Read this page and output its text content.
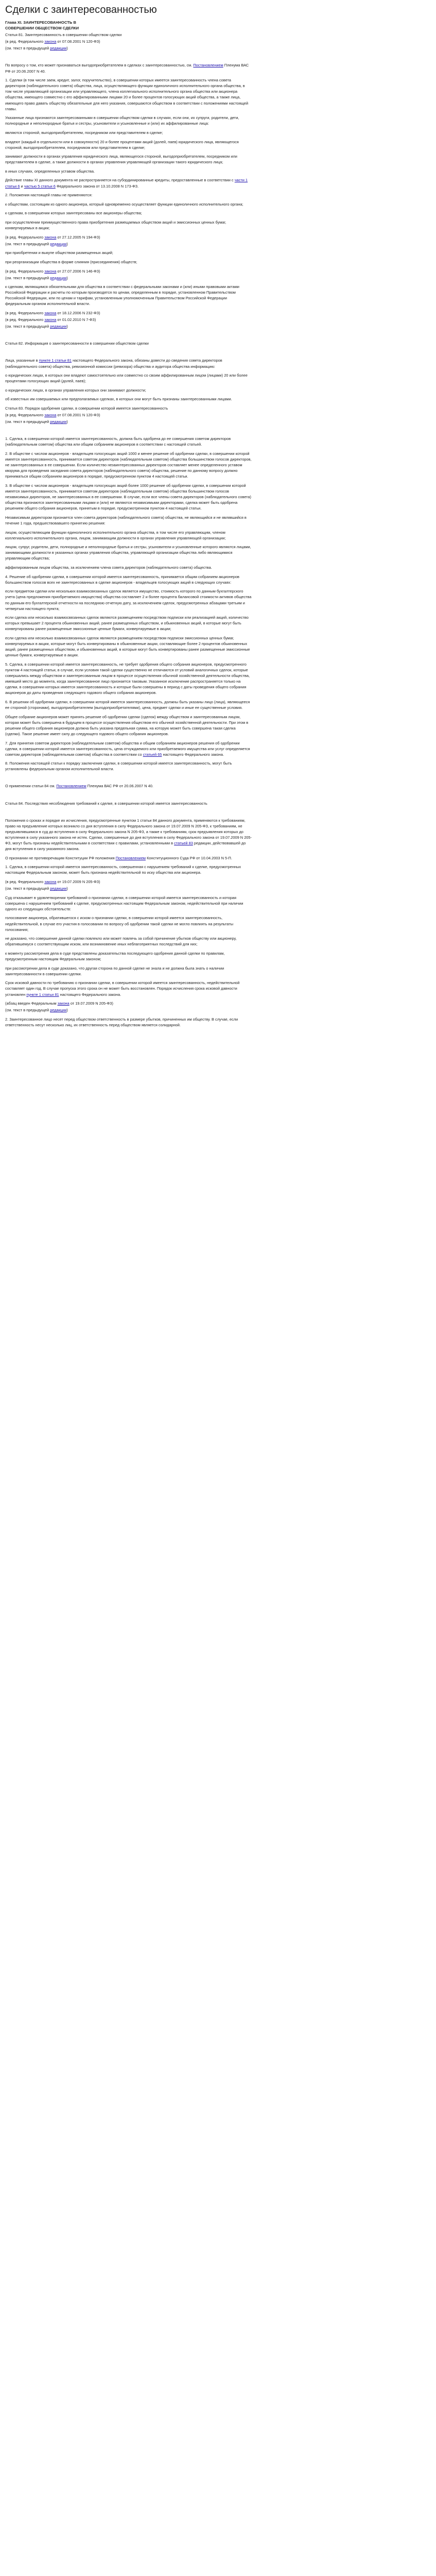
Сделки с заинтересованностью
Глава XI. ЗАИНТЕРЕСОВАННОСТЬ В СОВЕРШЕНИИ ОБЩЕСТВОМ СДЕЛКИ

Статья 81. Заинтересованность в совершении обществом сделки

(в ред. Федерального закона от 07.08.2001 N 120-ФЗ)

(см. текст в предыдущей редакции)

По вопросу о том, кто может признаваться выгодоприобретателем в сделках с заинтересованностью, см. Постановлением Пленума ВАС РФ от 20.06.2007 N 40.

1. Сделки (в том числе заем, кредит, залог, поручительство), в совершении которых имеется заинтересованность члена совета директоров (наблюдательного совета) общества, лица, осуществляющего функции единоличного исполнительного органа общества, в том числе управляющей организации или управляющего, члена коллегиального исполнительного органа общества или акционера общества, имеющего совместно с его аффилированными лицами 20 и более процентов голосующих акций общества, а также лица, имеющего право давать обществу обязательные для него указания, совершаются обществом в соответствии с положениями настоящей главы.

Указанные лица признаются заинтересованными в совершении обществом сделки в случаях, если они, их супруги, родители, дети, полнородные и неполнородные братья и сестры, усыновители и усыновленные и (или) их аффилированные лица:

являются стороной, выгодоприобретателем, посредником или представителем в сделке;

владеют (каждый в отдельности или в совокупности) 20 и более процентами акций (долей, паев) юридического лица, являющегося стороной, выгодоприобретателем, посредником или представителем в сделке;

занимают должности в органах управления юридического лица, являющегося стороной, выгодоприобретателем, посредником или представителем в сделке, а также должности в органах управления управляющей организации такого юридического лица;

в иных случаях, определенных уставом общества.

Действие главы XI данного документа не распространяется на субординированные кредиты, предоставленные в соответствии с части 1 статьи 6 и частью 5 статьи 6 Федерального закона от 13.10.2008 N 173-ФЗ.

2. Положения настоящей главы не применяются:

к обществам, состоящим из одного акционера, который одновременно осуществляет функции единоличного исполнительного органа;

к сделкам, в совершении которых заинтересованы все акционеры общества;

при осуществлении преимущественного права приобретения размещаемых обществом акций и эмиссионных ценных бумаг, конвертируемых в акции;

(в ред. Федерального закона от 27.12.2005 N 194-ФЗ)

(см. текст в предыдущей редакции)

при приобретении и выкупе обществом размещенных акций;

при реорганизации общества в форме слияния (присоединения) обществ;

(в ред. Федерального закона от 27.07.2006 N 146-ФЗ)

(см. текст в предыдущей редакции)

к сделкам, являющимся обязательными для общества в соответствии с федеральными законами и (или) иными правовыми актами Российской Федерации и расчеты по которым производятся по ценам, определенным в порядке, установленном Правительством Российской Федерации, или по ценам и тарифам, установленным уполномоченным Правительством Российской Федерации федеральным органом исполнительной власти.

(в ред. Федерального закона от 18.12.2006 N 232-ФЗ)

(в ред. Федерального закона от 01.02.2010 N 7-ФЗ)

(см. текст в предыдущей редакции)

Статья 82. Информация о заинтересованности в совершении обществом сделки

Лица, указанные в пункте 1 статьи 81 настоящего Федерального закона, обязаны довести до сведения совета директоров (наблюдательного совета) общества, ревизионной комиссии (ревизора) общества и аудитора общества информацию:

о юридических лицах, в которых они владеют самостоятельно или совместно со своим аффилированным лицом (лицами) 20 или более процентами голосующих акций (долей, паев);

о юридических лицах, в органах управления которых они занимают должности;

об известных им совершаемых или предполагаемых сделках, в которых они могут быть признаны заинтересованными лицами.

Статья 83. Порядок одобрения сделки, в совершении которой имеется заинтересованность

(в ред. Федерального закона от 07.08.2001 N 120-ФЗ)

(см. текст в предыдущей редакции)

1. Сделка, в совершении которой имеется заинтересованность, должна быть одобрена до ее совершения советом директоров (наблюдательным советом) общества или общим собранием акционеров в соответствии с настоящей статьей.

2. В обществе с числом акционеров - владельцев голосующих акций 1000 и менее решение об одобрении сделки, в совершении которой имеется заинтересованность, принимается советом директоров (наблюдательным советом) общества большинством голосов директоров, не заинтересованных в ее совершении. Если количество незаинтересованных директоров составляет менее определенного уставом кворума для проведения заседания совета директоров (наблюдательного совета) общества, решение по данному вопросу должно приниматься общим собранием акционеров в порядке, предусмотренном пунктом 4 настоящей статьи.

3. В обществе с числом акционеров - владельцев голосующих акций более 1000 решение об одобрении сделки, в совершении которой имеется заинтересованность, принимается советом директоров (наблюдательным советом) общества большинством голосов независимых директоров, не заинтересованных в ее совершении. В случае, если все члены совета директоров (наблюдательного совета) общества признаются заинтересованными лицами и (или) не являются независимыми директорами, сделка может быть одобрена решением общего собрания акционеров, принятым в порядке, предусмотренном пунктом 4 настоящей статьи.

Независимым директором признается член совета директоров (наблюдательного совета) общества, не являющийся и не являвшийся в течение 1 года, предшествовавшего принятию решения:

лицом, осуществляющим функции единоличного исполнительного органа общества, в том числе его управляющим, членом коллегиального исполнительного органа, лицом, занимающим должности в органах управления управляющей организации;

лицом, супруг, родители, дети, полнородные и неполнородные братья и сестры, усыновители и усыновленные которого являются лицами, занимающими должности в указанных органах управления общества, управляющей организации общества либо являющимися управляющим общества;

аффилированным лицом общества, за исключением члена совета директоров (наблюдательного совета) общества.

4. Решение об одобрении сделки, в совершении которой имеется заинтересованность, принимается общим собранием акционеров большинством голосов всех не заинтересованных в сделке акционеров - владельцев голосующих акций в следующих случаях:

если предметом сделки или нескольких взаимосвязанных сделок является имущество, стоимость которого по данным бухгалтерского учета (цена предложения приобретаемого имущества) общества составляет 2 и более процента балансовой стоимости активов общества по данным его бухгалтерской отчетности на последнюю отчетную дату, за исключением сделок, предусмотренных абзацами третьим и четвертым настоящего пункта;

если сделка или несколько взаимосвязанных сделок являются размещением посредством подписки или реализацией акций, количество которых превышает 2 процента обыкновенных акций, ранее размещенных обществом, и обыкновенных акций, в которые могут быть конвертированы ранее размещенные эмиссионные ценные бумаги, конвертируемые в акции;

если сделка или несколько взаимосвязанных сделок являются размещением посредством подписки эмиссионных ценных бумаг, конвертируемых в акции, которые могут быть конвертированы в обыкновенные акции, составляющие более 2 процентов обыкновенных акций, ранее размещенных обществом, и обыкновенных акций, в которые могут быть конвертированы ранее размещенные эмиссионные ценные бумаги, конвертируемые в акции.

5. Сделка, в совершении которой имеется заинтересованность, не требует одобрения общего собрания акционеров, предусмотренного пунктом 4 настоящей статьи, в случае, если условия такой сделки существенно не отличаются от условий аналогичных сделок, которые совершались между обществом и заинтересованным лицом в процессе осуществления обычной хозяйственной деятельности общества, имевшей место до момента, когда заинтересованное лицо признается таковым. Указанное исключение распространяется только на сделки, в совершении которых имеется заинтересованность и которые были совершены в период с даты проведения общего собрания акционеров до даты проведения следующего годового общего собрания акционеров.

6. В решении об одобрении сделки, в совершении которой имеется заинтересованность, должны быть указаны лицо (лица), являющееся ее стороной (сторонами), выгодоприобретателем (выгодоприобретателями), цена, предмет сделки и иные ее существенные условия.

Общее собрание акционеров может принять решение об одобрении сделки (сделок) между обществом и заинтересованным лицом, которая может быть совершена в будущем в процессе осуществления обществом его обычной хозяйственной деятельности. При этом в решении общего собрания акционеров должна быть указана предельная сумма, на которую может быть совершена такая сделка (сделки). Такое решение имеет силу до следующего годового общего собрания акционеров.

7. Для принятия советом директоров (наблюдательным советом) общества и общим собранием акционеров решения об одобрении сделки, в совершении которой имеется заинтересованность, цена отчуждаемого или приобретаемого имущества или услуг определяется советом директоров (наблюдательным советом) общества в соответствии со статьей 65 настоящего Федерального закона.

8. Положения настоящей статьи к порядку заключения сделки, в совершении которой имеется заинтересованность, могут быть установлены федеральным органом исполнительной власти.

О применении статьи 84 см. Постановлением Пленума ВАС РФ от 20.06.2007 N 40.

Статья 84. Последствия несоблюдения требований к сделке, в совершении которой имеется заинтересованность

Положения о сроках и порядке их исчисления, предусмотренные пунктом 1 статьи 84 данного документа, применяются к требованиям, право на предъявление которых возникло со дня вступления в силу Федерального закона от 19.07.2009 N 205-ФЗ, к требованиям, не предъявлявшимся в суд до вступления в силу Федерального закона N 205-ФЗ, а также к требованиям, срок предъявления которых до вступления в силу указанного закона не истек. Сделки, совершенные до дня вступления в силу Федерального закона от 19.07.2009 N 205-ФЗ, могут быть признаны недействительными в соответствии с правилами, установленными в статьей 83 редакции, действовавшей до дня вступления в силу указанного закона.

О признании не противоречащим Конституции РФ положения Постановлением Конституционного Суда РФ от 10.04.2003 N 5-П.

1. Сделка, в совершении которой имеется заинтересованность, совершенная с нарушением требований к сделке, предусмотренных настоящим Федеральным законом, может быть признана недействительной по иску общества или акционера.

(в ред. Федерального закона от 19.07.2009 N 205-ФЗ)

(см. текст в предыдущей редакции)

Суд отказывает в удовлетворении требований о признании сделки, в совершении которой имеется заинтересованность и которая совершена с нарушением требований к сделке, предусмотренных настоящим Федеральным законом, недействительной при наличии одного из следующих обстоятельств:

голосование акционера, обратившегося с иском о признании сделки, в совершении которой имеется заинтересованность, недействительной, в случае его участия в голосовании по вопросу об одобрении такой сделки не могло повлиять на результаты голосования;

не доказано, что совершение данной сделки повлекло или может повлечь за собой причинение убытков обществу или акционеру, обратившемуся с соответствующим иском, или возникновение иных неблагоприятных последствий для них;

к моменту рассмотрения дела в суде представлены доказательства последующего одобрения данной сделки по правилам, предусмотренным настоящим Федеральным законом;

при рассмотрении дела в суде доказано, что другая сторона по данной сделке не знала и не должна была знать о наличии заинтересованности в совершении сделки.

Срок исковой давности по требованию о признании сделки, в совершении которой имеется заинтересованность, недействительной составляет один год. В случае пропуска этого срока он не может быть восстановлен. Порядок исчисления срока исковой давности установлен пункте 1 статьи 81 настоящего Федерального закона.

(абзац введен Федеральным закона от 19.07.2009 N 205-ФЗ)

(см. текст в предыдущей редакции)

2. Заинтересованное лицо несет перед обществом ответственность в размере убытков, причиненных им обществу. В случае, если ответственность несут несколько лиц, их ответственность перед обществом является солидарной.
